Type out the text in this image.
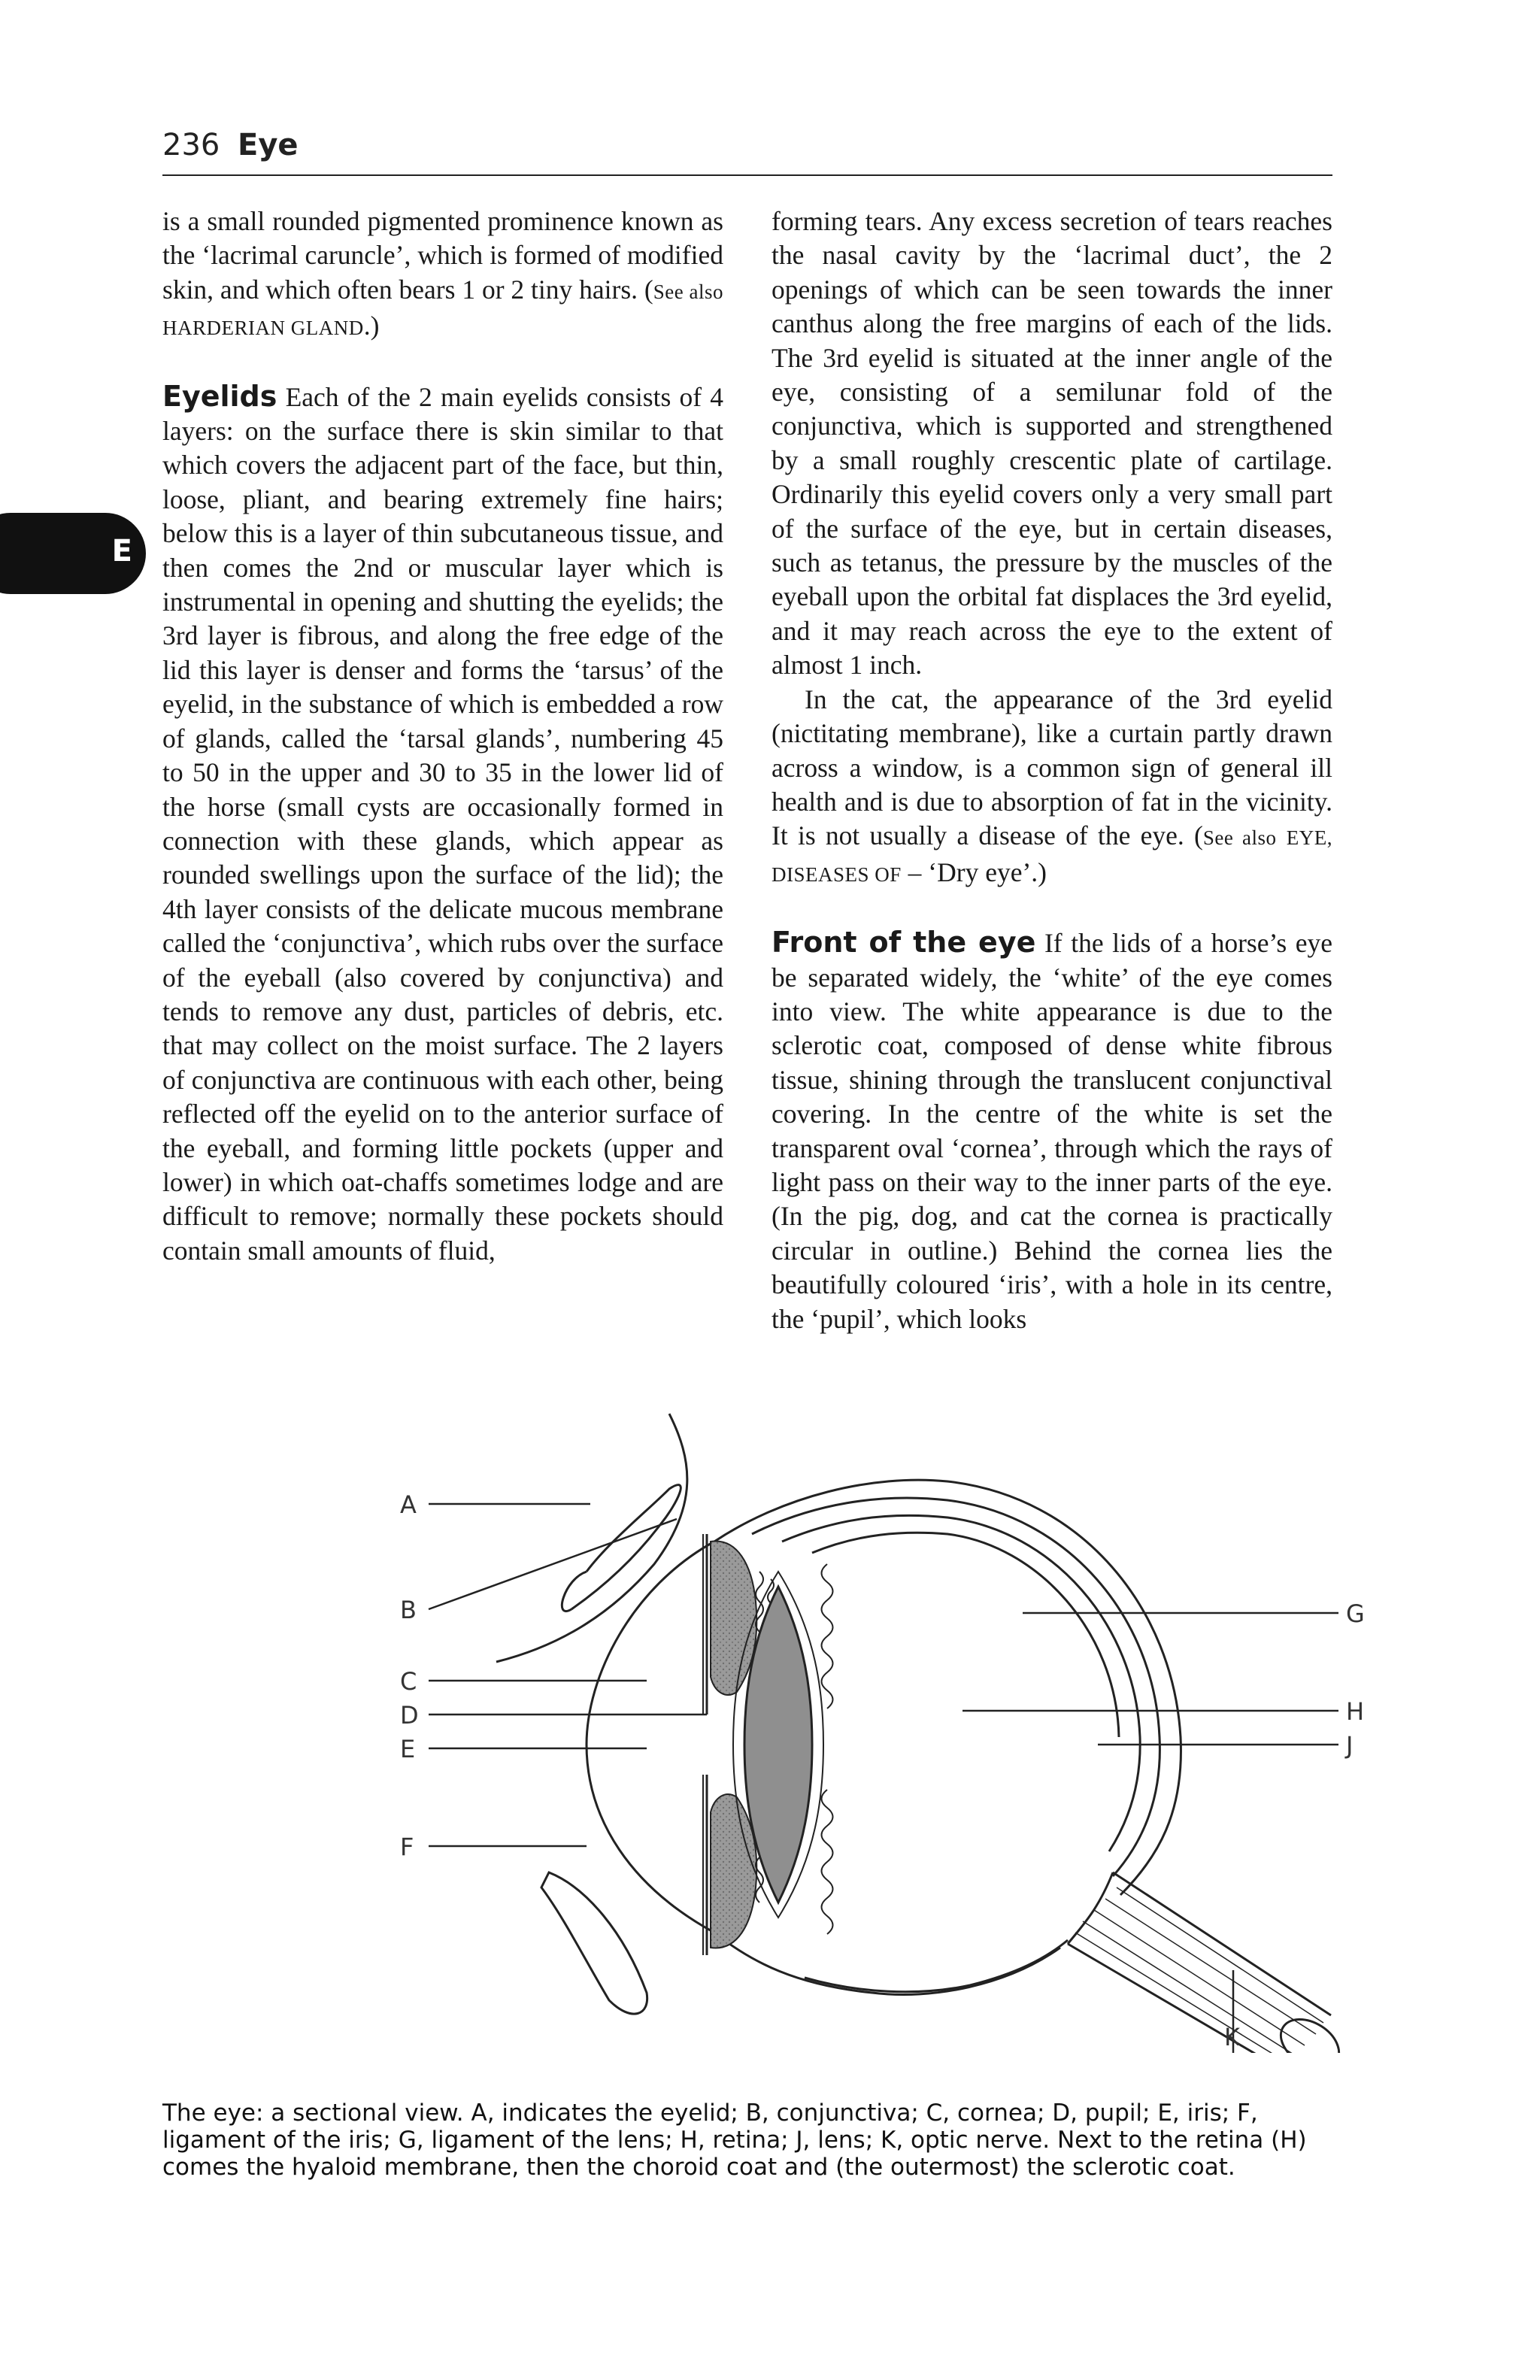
236 Eye
E

is a small rounded pigmented prominence known as the ‘lacrimal caruncle’, which is formed of modified skin, and which often bears 1 or 2 tiny hairs. (See also HARDERIAN GLAND.)

Eyelids Each of the 2 main eyelids consists of 4 layers: on the surface there is skin similar to that which covers the adjacent part of the face, but thin, loose, pliant, and bearing extremely fine hairs; below this is a layer of thin subcutaneous tissue, and then comes the 2nd or muscular layer which is instrumental in opening and shutting the eyelids; the 3rd layer is fibrous, and along the free edge of the lid this layer is denser and forms the ‘tarsus’ of the eyelid, in the substance of which is embedded a row of glands, called the ‘tarsal glands’, numbering 45 to 50 in the upper and 30 to 35 in the lower lid of the horse (small cysts are occasionally formed in connection with these glands, which appear as rounded swellings upon the surface of the lid); the 4th layer consists of the delicate mucous membrane called the ‘conjunctiva’, which rubs over the surface of the eyeball (also covered by conjunctiva) and tends to remove any dust, particles of debris, etc. that may collect on the moist surface. The 2 layers of conjunctiva are continuous with each other, being reflected off the eyelid on to the anterior surface of the eyeball, and forming little pockets (upper and lower) in which oat-chaffs sometimes lodge and are difficult to remove; normally these pockets should contain small amounts of fluid,

forming tears. Any excess secretion of tears reaches the nasal cavity by the ‘lacrimal duct’, the 2 openings of which can be seen towards the inner canthus along the free margins of each of the lids. The 3rd eyelid is situated at the inner angle of the eye, consisting of a semilunar fold of the conjunctiva, which is supported and strengthened by a small roughly crescentic plate of cartilage. Ordinarily this eyelid covers only a very small part of the surface of the eye, but in certain diseases, such as tetanus, the pressure by the muscles of the eyeball upon the orbital fat displaces the 3rd eyelid, and it may reach across the eye to the extent of almost 1 inch.

In the cat, the appearance of the 3rd eyelid (nictitating membrane), like a curtain partly drawn across a window, is a common sign of general ill health and is due to absorption of fat in the vicinity. It is not usually a disease of the eye. (See also EYE, DISEASES OF – ‘Dry eye’.)

Front of the eye If the lids of a horse’s eye be separated widely, the ‘white’ of the eye comes into view. The white appearance is due to the sclerotic coat, composed of dense white fibrous tissue, shining through the translucent conjunctival covering. In the centre of the white is set the transparent oval ‘cornea’, through which the rays of light pass on their way to the inner parts of the eye. (In the pig, dog, and cat the cornea is practically circular in outline.) Behind the cornea lies the beautifully coloured ‘iris’, with a hole in its centre, the ‘pupil’, which looks

A
B
C
D
E
F
G
H
J
K
The eye: a sectional view. A, indicates the eyelid; B, conjunctiva; C, cornea; D, pupil; E, iris; F, ligament of the iris; G, ligament of the lens; H, retina; J, lens; K, optic nerve. Next to the retina (H) comes the hyaloid membrane, then the choroid coat and (the outermost) the sclerotic coat.
